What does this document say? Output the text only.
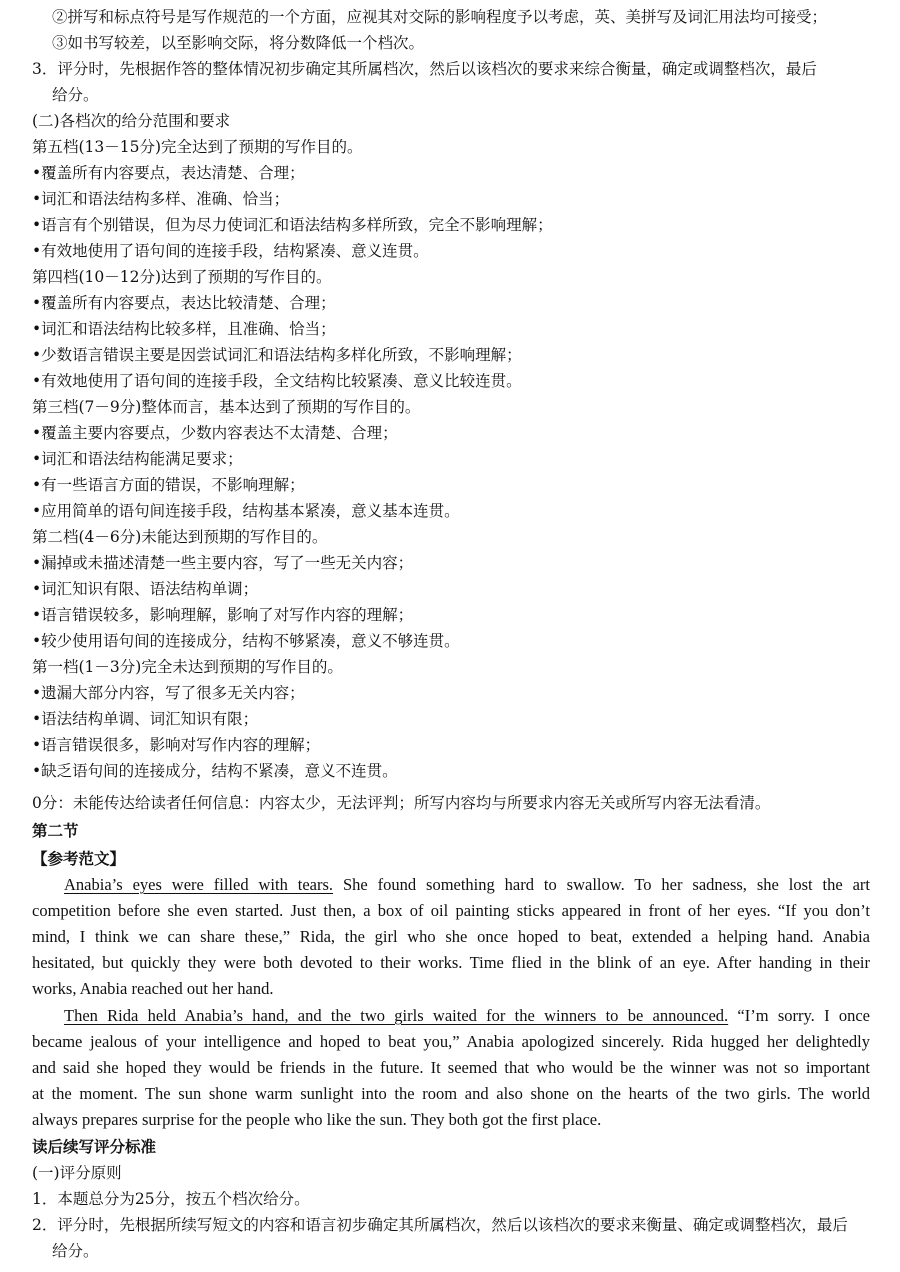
②拼写和标点符号是写作规范的一个方面，应视其对交际的影响程度予以考虑，英、美拼写及词汇用法均可接受；
③如书写较差，以至影响交际，将分数降低一个档次。
3．评分时，先根据作答的整体情况初步确定其所属档次，然后以该档次的要求来综合衡量，确定或调整档次，最后
给分。
(二)各档次的给分范围和要求
第五档(13－15分)完全达到了预期的写作目的。
•覆盖所有内容要点，表达清楚、合理；
•词汇和语法结构多样、准确、恰当；
•语言有个别错误，但为尽力使词汇和语法结构多样所致，完全不影响理解；
•有效地使用了语句间的连接手段，结构紧凑、意义连贯。
第四档(10－12分)达到了预期的写作目的。
•覆盖所有内容要点，表达比较清楚、合理；
•词汇和语法结构比较多样，且准确、恰当；
•少数语言错误主要是因尝试词汇和语法结构多样化所致，不影响理解；
•有效地使用了语句间的连接手段，全文结构比较紧凑、意义比较连贯。
第三档(7－9分)整体而言，基本达到了预期的写作目的。
•覆盖主要内容要点，少数内容表达不太清楚、合理；
•词汇和语法结构能满足要求；
•有一些语言方面的错误，不影响理解；
•应用简单的语句间连接手段，结构基本紧凑，意义基本连贯。
第二档(4－6分)未能达到预期的写作目的。
•漏掉或未描述清楚一些主要内容，写了一些无关内容；
•词汇知识有限、语法结构单调；
•语言错误较多，影响理解，影响了对写作内容的理解；
•较少使用语句间的连接成分，结构不够紧凑，意义不够连贯。
第一档(1－3分)完全未达到预期的写作目的。
•遗漏大部分内容，写了很多无关内容；
•语法结构单调、词汇知识有限；
•语言错误很多，影响对写作内容的理解；
•缺乏语句间的连接成分，结构不紧凑，意义不连贯。
0分：未能传达给读者任何信息：内容太少，无法评判；所写内容均与所要求内容无关或所写内容无法看清。
第二节
【参考范文】
Anabia’s eyes were filled with tears. She found something hard to swallow. To her sadness, she lost the art
competition before she even started. Just then, a box of oil painting sticks appeared in front of her eyes. “If you don’t
mind, I think we can share these,” Rida, the girl who she once hoped to beat, extended a helping hand. Anabia
hesitated, but quickly they were both devoted to their works. Time flied in the blink of an eye. After handing in their
works, Anabia reached out her hand.
Then Rida held Anabia’s hand, and the two girls waited for the winners to be announced. “I’m sorry. I once
became jealous of your intelligence and hoped to beat you,” Anabia apologized sincerely. Rida hugged her delightedly
and said she hoped they would be friends in the future. It seemed that who would be the winner was not so important
at the moment. The sun shone warm sunlight into the room and also shone on the hearts of the two girls. The world
always prepares surprise for the people who like the sun. They both got the first place.
读后续写评分标准
(一)评分原则
1．本题总分为25分，按五个档次给分。
2．评分时，先根据所续写短文的内容和语言初步确定其所属档次，然后以该档次的要求来衡量、确定或调整档次，最后
给分。
